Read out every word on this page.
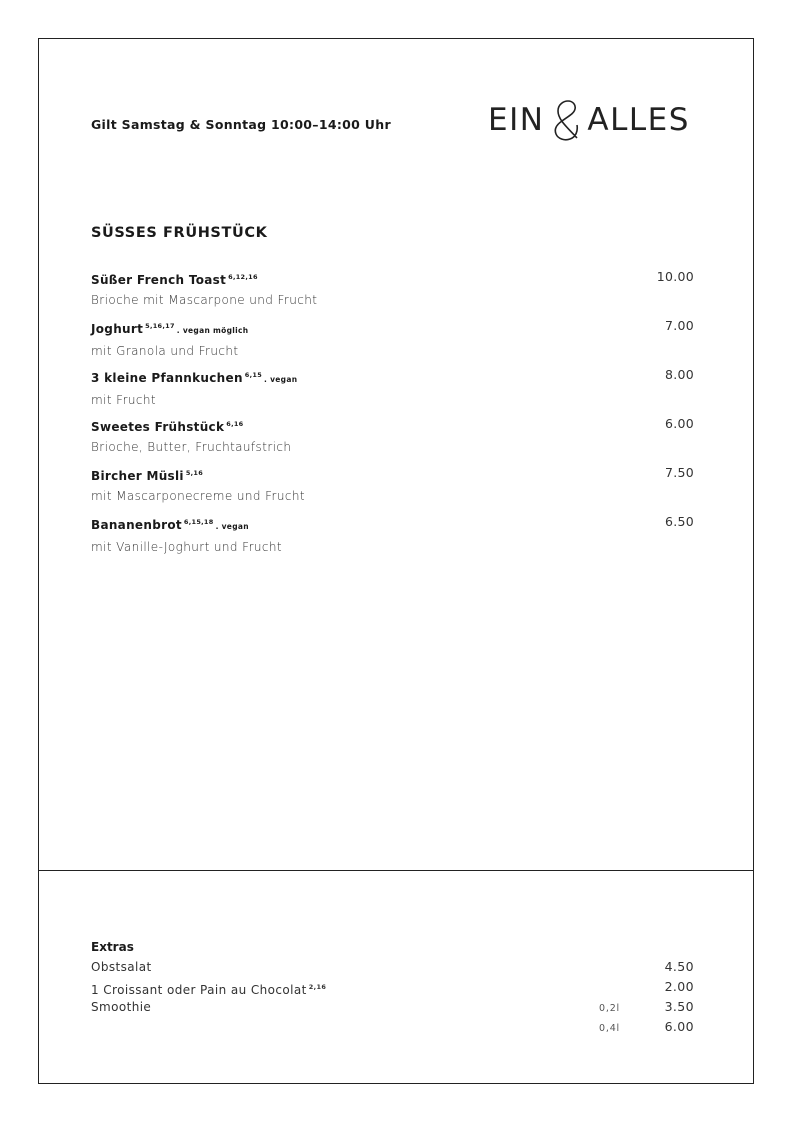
Gilt Samstag & Sonntag 10:00–14:00 Uhr	EIN ALLES
SÜSSES FRÜHSTÜCK
Süßer French Toast $^{6,12,16}$
Brioche mit Mascarpone und Frucht
10.00
Joghurt $^{5,16,17}$ . vegan möglich
mit Granola und Frucht
7.00
3 kleine Pfannkuchen $^{6,15}$ . vegan
mit Frucht
8.00
Sweetes Frühstück $^{6,16}$
Brioche, Butter, Fruchtaufstrich
6.00
Bircher Müsli $^{5,16}$
mit Mascarponecreme und Frucht
7.50
Bananenbrot $^{6,15,18}$ . vegan
mit Vanille-Joghurt und Frucht
6.50
Extras
Obstsalat	4.50
1 Croissant oder Pain au Chocolat $^{2,16}$	2.00
Smoothie	0,2l	3.50
0,4l	6.00
